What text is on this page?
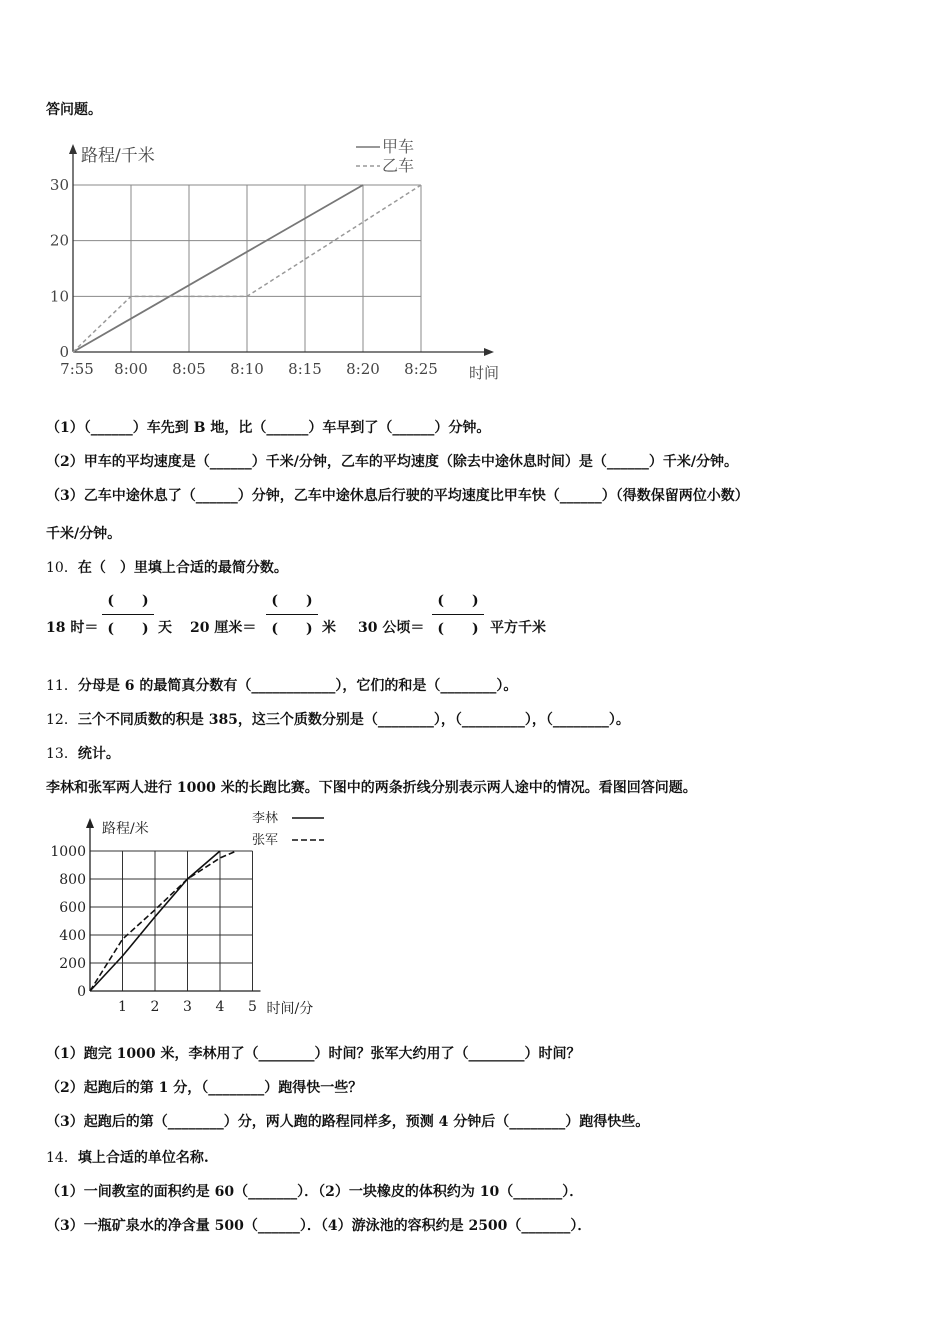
答问题。
0
10
20
30
7:55 8:00 8:05 8:10 8:15 8:20 8:25
路程/千米
时间
甲车
乙车
（1）（______）车先到 B 地，比（______）车早到了（______）分钟。
（2）甲车的平均速度是（______）千米/分钟，乙车的平均速度（除去中途休息时间）是（______）千米/分钟。
（3）乙车中途休息了（______）分钟，乙车中途休息后行驶的平均速度比甲车快（______）（得数保留两位小数）
千米/分钟。
10．在（　）里填上合适的最简分数。
18 时＝
(　　)
(　　) 天 20 厘米＝
(　　)
(　　) 米 30 公顷＝
(　　)
(　　) 平方千米
11．分母是 6 的最简真分数有（____________），它们的和是（________）。
12．三个不同质数的积是 385，这三个质数分别是（________），（_________），（________）。
13．统计。
李林和张军两人进行 1000 米的长跑比赛。下图中的两条折线分别表示两人途中的情况。看图回答问题。
0
200
400
600
800
1000
1 2 3 4 5
路程/米
时间/分
李林
张军
（1）跑完 1000 米，李林用了（________）时间？张军大约用了（________）时间？
（2）起跑后的第 1 分，（________）跑得快一些？
（3）起跑后的第（________）分，两人跑的路程同样多，预测 4 分钟后（________）跑得快些。
14．填上合适的单位名称.
（1）一间教室的面积约是 60（_______）．（2）一块橡皮的体积约为 10（_______）．
（3）一瓶矿泉水的净含量 500（______）．（4）游泳池的容积约是 2500（_______）．
